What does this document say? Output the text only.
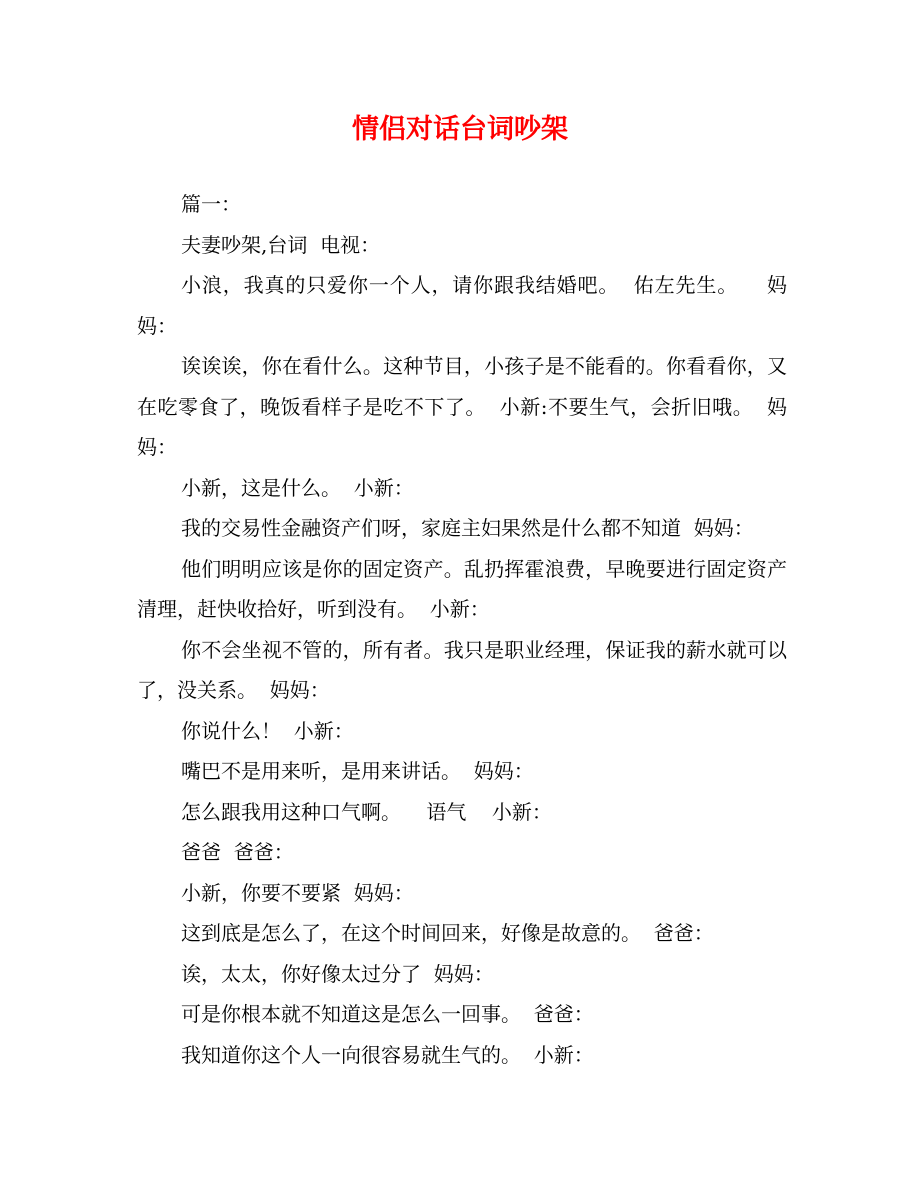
情侣对话台词吵架

篇一：

夫妻吵架,台词  电视：

小浪，我真的只爱你一个人，请你跟我结婚吧。  佑左先生。    妈妈：

诶诶诶，你在看什么。这种节目，小孩子是不能看的。你看看你，又在吃零食了，晚饭看样子是吃不下了。  小新:不要生气，会折旧哦。  妈妈：

小新，这是什么。  小新：

我的交易性金融资产们呀，家庭主妇果然是什么都不知道  妈妈：

他们明明应该是你的固定资产。乱扔挥霍浪费，早晚要进行固定资产清理，赶快收拾好，听到没有。  小新：

你不会坐视不管的，所有者。我只是职业经理，保证我的薪水就可以了，没关系。  妈妈：

你说什么！  小新：

嘴巴不是用来听，是用来讲话。  妈妈：

怎么跟我用这种口气啊。    语气    小新：

爸爸  爸爸：

小新，你要不要紧  妈妈：

这到底是怎么了，在这个时间回来，好像是故意的。  爸爸：

诶，太太，你好像太过分了  妈妈：

可是你根本就不知道这是怎么一回事。  爸爸：

我知道你这个人一向很容易就生气的。  小新：
